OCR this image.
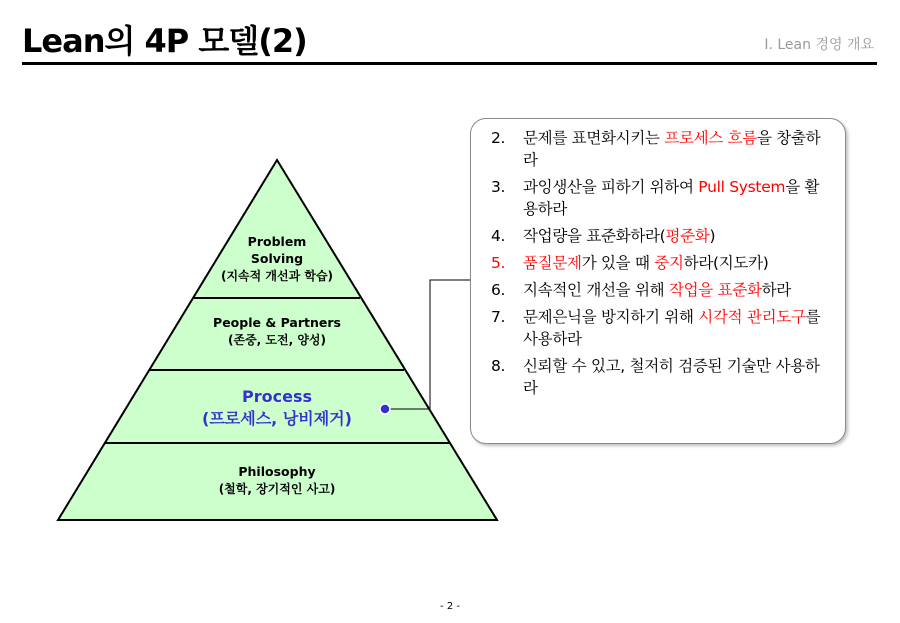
Lean의 4P 모델(2)	I. Lean 경영 개요
Problem
Solving
(지속적 개선과 학습)
People & Partners
(존중, 도전, 양성)
Process
(프로세스, 낭비제거)
Philosophy
(철학, 장기적인 사고)
2. 문제를 표면화시키는 프로세스 흐름을 창출하라
3. 과잉생산을 피하기 위하여 Pull System을 활용하라
4. 작업량을 표준화하라(평준화)
5. 품질문제가 있을 때 중지하라(지도카)
6. 지속적인 개선을 위해 작업을 표준화하라
7. 문제은닉을 방지하기 위해 시각적 관리도구를 사용하라
8. 신뢰할 수 있고, 철저히 검증된 기술만 사용하라
- 2 -
